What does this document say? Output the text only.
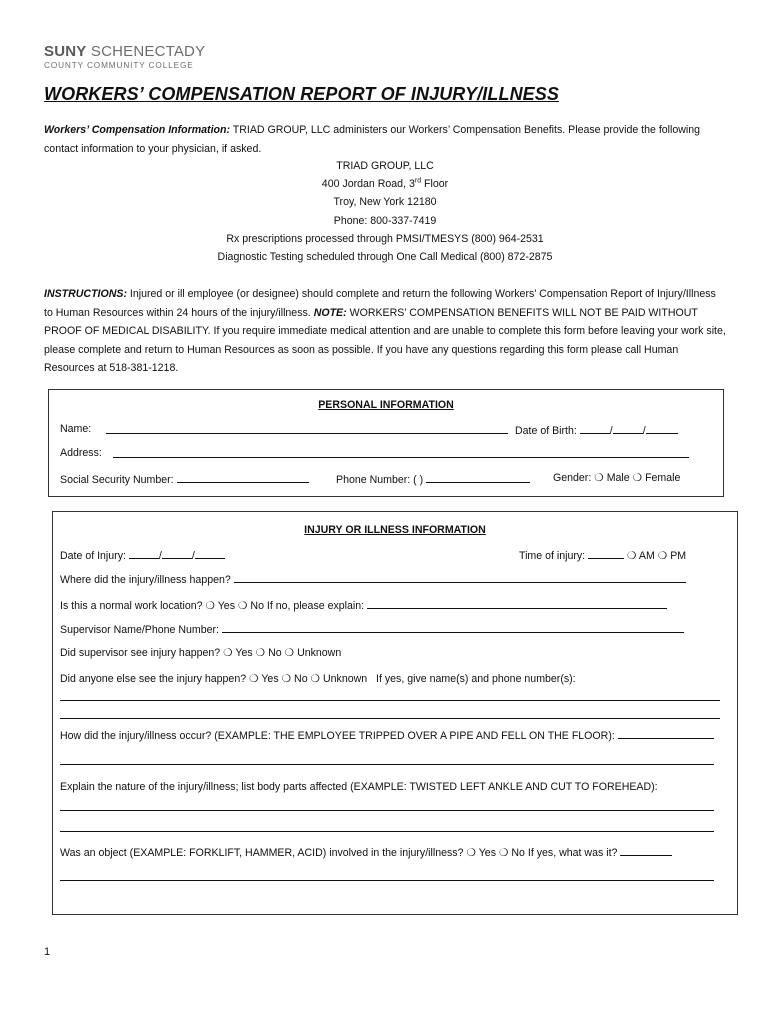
SUNY SCHENECTADY
COUNTY COMMUNITY COLLEGE
WORKERS’ COMPENSATION REPORT OF INJURY/ILLNESS
Workers’ Compensation Information: TRIAD GROUP, LLC administers our Workers’ Compensation Benefits. Please provide the following contact information to your physician, if asked.
TRIAD GROUP, LLC
400 Jordan Road, 3rd Floor
Troy, New York 12180
Phone: 800-337-7419
Rx prescriptions processed through PMSI/TMESYS (800) 964-2531
Diagnostic Testing scheduled through One Call Medical (800) 872-2875
INSTRUCTIONS: Injured or ill employee (or designee) should complete and return the following Workers’ Compensation Report of Injury/Illness to Human Resources within 24 hours of the injury/illness. NOTE: WORKERS’ COMPENSATION BENEFITS WILL NOT BE PAID WITHOUT PROOF OF MEDICAL DISABILITY. If you require immediate medical attention and are unable to complete this form before leaving your work site, please complete and return to Human Resources as soon as possible. If you have any questions regarding this form please call Human Resources at 518-381-1218.
PERSONAL INFORMATION
Name:	Date of Birth:	/	/
Address:
Social Security Number:	Phone Number: ( )	Gender: ❍ Male ❍ Female
INJURY OR ILLNESS INFORMATION
Date of Injury:	/	/	Time of injury:	❍ AM ❍ PM
Where did the injury/illness happen?
Is this a normal work location? ❍ Yes ❍ No If no, please explain:
Supervisor Name/Phone Number:
Did supervisor see injury happen? ❍ Yes ❍ No ❍ Unknown
Did anyone else see the injury happen? ❍ Yes ❍ No ❍ Unknown If yes, give name(s) and phone number(s):
How did the injury/illness occur? (EXAMPLE: THE EMPLOYEE TRIPPED OVER A PIPE AND FELL ON THE FLOOR):
Explain the nature of the injury/illness; list body parts affected (EXAMPLE: TWISTED LEFT ANKLE AND CUT TO FOREHEAD):
Was an object (EXAMPLE: FORKLIFT, HAMMER, ACID) involved in the injury/illness? ❍ Yes ❍ No If yes, what was it?
1
